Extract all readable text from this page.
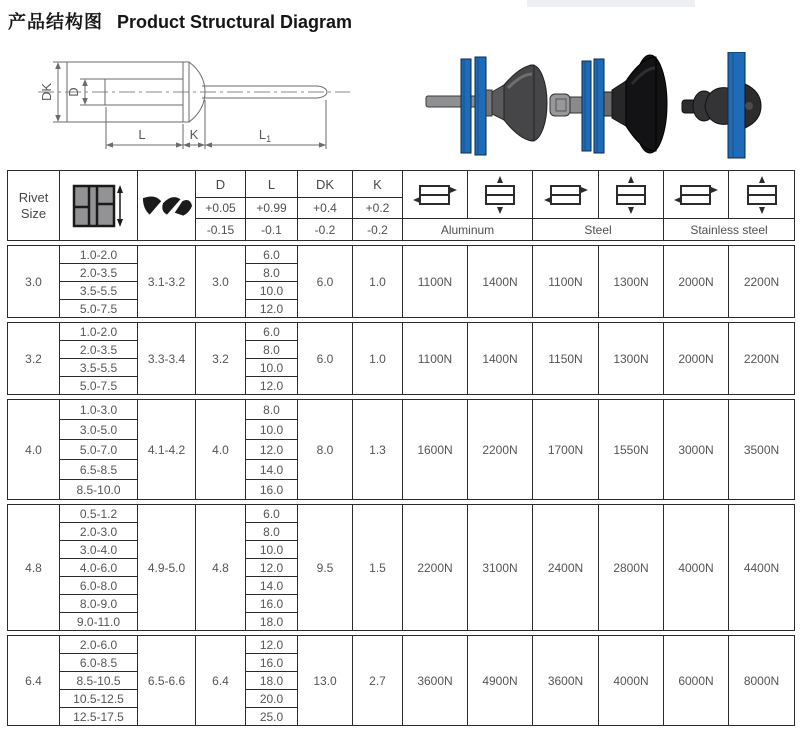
产品结构图 Product Structural Diagram
DK D
L	K	$L_1$
Rivet Size			D	L	DK	K	

			+0.05	+0.99	+0.4	+0.2						
			-0.15	-0.1	-0.2	-0.2	Aluminum		Steel		Stainless steel	
3.0	1.0-2.0	3.1-3.2	3.0	6.0	6.0	1.0	1100N	1400N	1100N	1300N	2000N	2200N
	2.0-3.5			8.0								
	3.5-5.5			10.0								
	5.0-7.5			12.0								
3.2	1.0-2.0	3.3-3.4	3.2	6.0	6.0	1.0	1100N	1400N	1150N	1300N	2000N	2200N
	2.0-3.5			8.0								
	3.5-5.5			10.0								
	5.0-7.5			12.0								
4.0	1.0-3.0	4.1-4.2	4.0	8.0	8.0	1.3	1600N	2200N	1700N	1550N	3000N	3500N
	3.0-5.0			10.0								
	5.0-7.0			12.0								
	6.5-8.5			14.0								
	8.5-10.0			16.0								
4.8	0.5-1.2	4.9-5.0	4.8	6.0	9.5	1.5	2200N	3100N	2400N	2800N	4000N	4400N
	2.0-3.0			8.0								
	3.0-4.0			10.0								
	4.0-6.0			12.0								
	6.0-8.0			14.0								
	8.0-9.0			16.0								
	9.0-11.0			18.0								
6.4	2.0-6.0	6.5-6.6	6.4	12.0	13.0	2.7	3600N	4900N	3600N	4000N	6000N	8000N
	6.0-8.5			16.0								
	8.5-10.5			18.0								
	10.5-12.5			20.0								
	12.5-17.5			25.0								
